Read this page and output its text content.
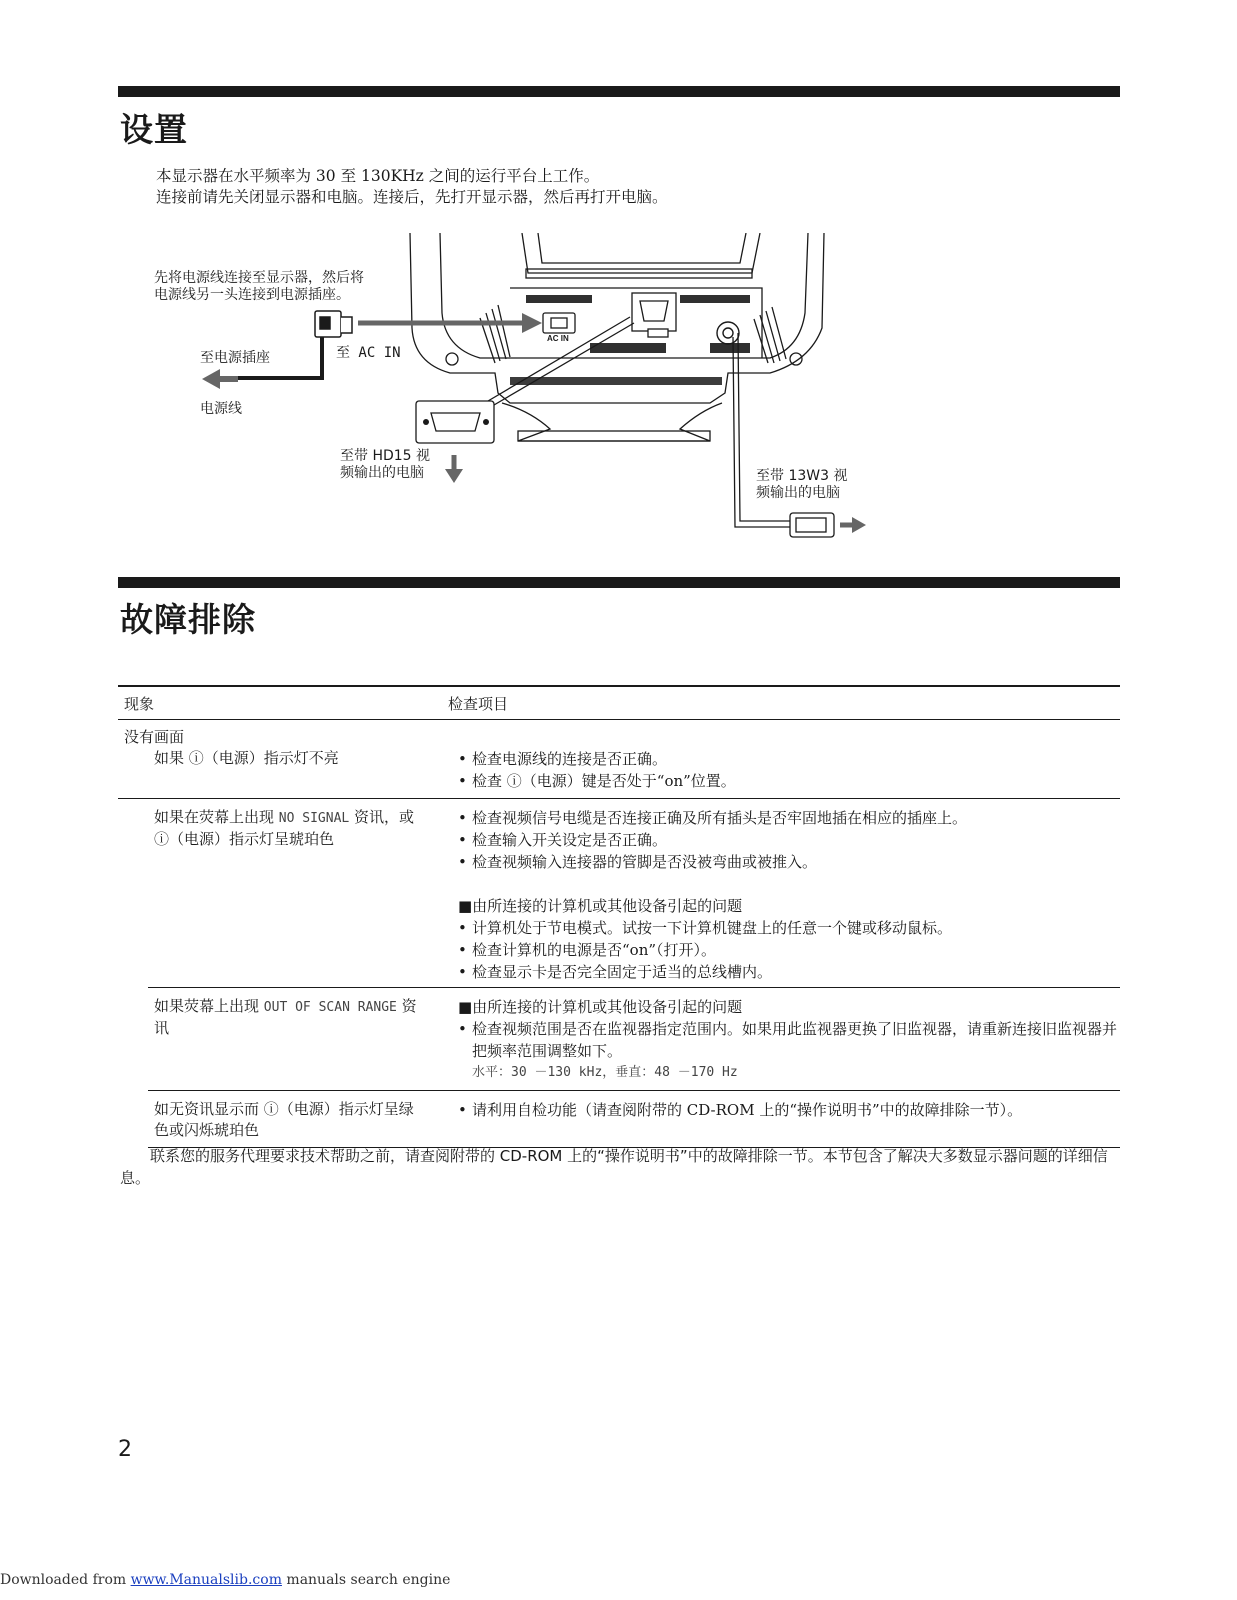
设置
本显示器在水平频率为 30 至 130KHz 之间的运行平台上工作。
连接前请先关闭显示器和电脑。连接后，先打开显示器，然后再打开电脑。
AC IN
先将电源线连接至显示器，然后将
电源线另一头连接到电源插座。
至电源插座	至 AC IN
电源线
至带 HD15 视
频输出的电脑	至带 13W3 视
频输出的电脑
故障排除
现象	检查项目
没有画面
如果 ⓘ（电源）指示灯不亮
•	检查电源线的连接是否正确。
• 检查 ⓘ（电源）键是否处于“on”位置。
如果在荧幕上出现 NO SIGNAL 资讯，或 ⓘ（电源）指示灯呈琥珀色
• 检查视频信号电缆是否连接正确及所有插头是否牢固地插在相应的插座上。
• 检查输入开关设定是否正确。
• 检查视频输入连接器的管脚是否没被弯曲或被推入。
■由所连接的计算机或其他设备引起的问题
• 计算机处于节电模式。试按一下计算机键盘上的任意一个键或移动鼠标。
• 检查计算机的电源是否“on”（打开）。
• 检查显示卡是否完全固定于适当的总线槽内。
如果荧幕上出现 OUT OF SCAN RANGE 资讯
■由所连接的计算机或其他设备引起的问题
• 检查视频范围是否在监视器指定范围内。如果用此监视器更换了旧监视器，请重新连接旧监视器并把频率范围调整如下。
水平：30 －130 kHz，垂直：48 －170 Hz
如无资讯显示而 ⓘ（电源）指示灯呈绿色或闪烁琥珀色
• 请利用自检功能（请查阅附带的 CD-ROM 上的“操作说明书”中的故障排除一节）。
联系您的服务代理要求技术帮助之前，请查阅附带的 CD-ROM 上的“操作说明书”中的故障排除一节。本节包含了解决大多数显示器问题的详细信息。
2
Downloaded from www.Manualslib.com manuals search engine
